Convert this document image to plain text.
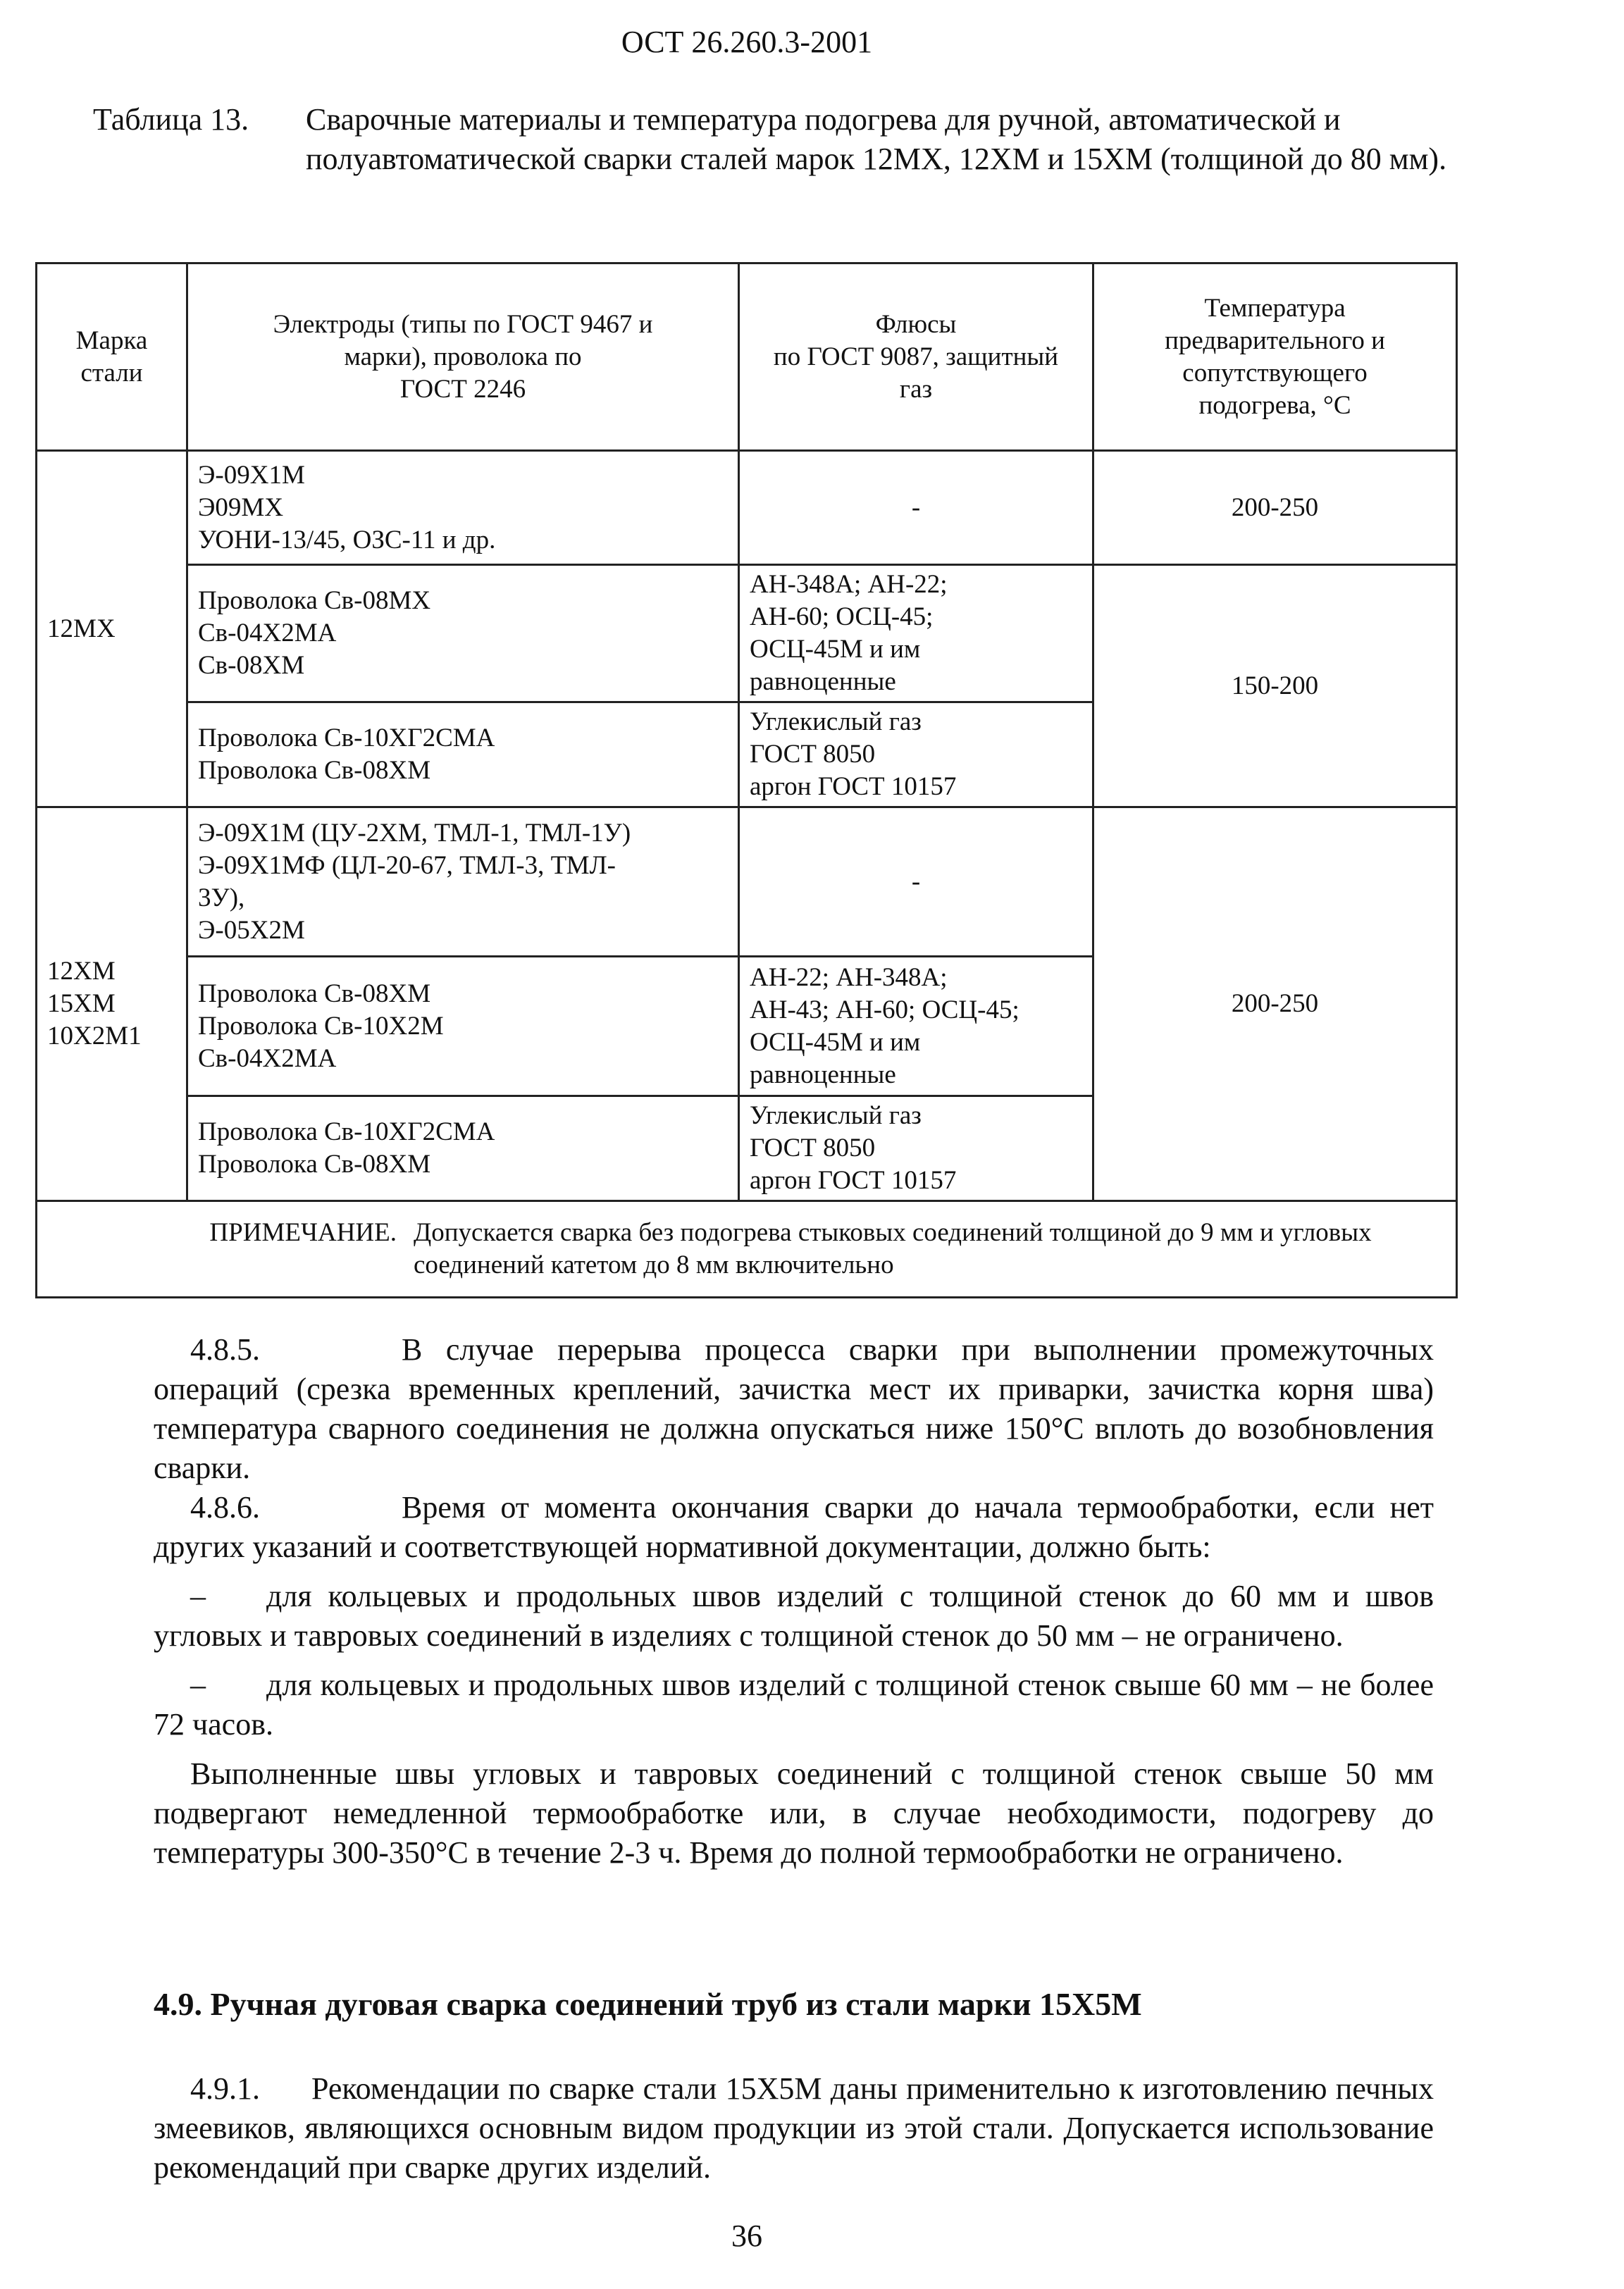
ОСТ 26.260.3-2001
Таблица 13. Сварочные материалы и температура подогрева для ручной, автоматической и полуавтоматической сварки сталей марок 12МХ, 12ХМ и 15ХМ (толщиной до 80 мм).
Марка
стали	Электроды (типы по ГОСТ 9467 и
марки), проволока по
ГОСТ 2246	Флюсы
по ГОСТ 9087, защитный
газ	Температура
предварительного и
сопутствующего
подогрева, °С

12МХ	Э-09Х1М
Э09МХ
УОНИ-13/45, ОЗС-11 и др.	-	200-250

	Проволока Св-08МХ
Св-04Х2МА
Св-08ХМ	АН-348А; АН-22;
АН-60; ОСЦ-45;
ОСЦ-45М и им
равноценные	150-200

	Проволока Св-10ХГ2СМА
Проволока Св-08ХМ	Углекислый газ
ГОСТ 8050
аргон ГОСТ 10157	

12ХМ
15ХМ
10Х2М1	Э-09Х1М (ЦУ-2ХМ, ТМЛ-1, ТМЛ-1У)
Э-09Х1МФ (ЦЛ-20-67, ТМЛ-3, ТМЛ-
3У),
Э-05Х2М	-	200-250

	Проволока Св-08ХМ
Проволока Св-10Х2М
Св-04Х2МА	АН-22; АН-348А;
АН-43; АН-60; ОСЦ-45;
ОСЦ-45М и им
равноценные	

	Проволока Св-10ХГ2СМА
Проволока Св-08ХМ	Углекислый газ
ГОСТ 8050
аргон ГОСТ 10157	

ПРИМЕЧАНИЕ. Допускается сварка без подогрева стыковых соединений толщиной до 9 мм и угловых соединений катетом до 8 мм включительно			

4.8.5.	В случае перерыва процесса сварки при выполнении промежуточных операций (срезка временных креплений, зачистка мест их приварки, зачистка корня шва) температура сварного соединения не должна опускаться ниже 150°С вплоть до возобновления сварки.

4.8.6.	Время от момента окончания сварки до начала термообработки, если нет других указаний и соответствующей нормативной документации, должно быть:

– для кольцевых и продольных швов изделий с толщиной стенок до 60 мм и швов угловых и тавровых соединений в изделиях с толщиной стенок до 50 мм – не ограничено.

– для кольцевых и продольных швов изделий с толщиной стенок свыше 60 мм – не более 72 часов.

Выполненные швы угловых и тавровых соединений с толщиной стенок свыше 50 мм подвергают немедленной термообработке или, в случае необходимости, подогреву до температуры 300-350°С в течение 2-3 ч. Время до полной термообработки не ограничено.

4.9. Ручная дуговая сварка соединений труб из стали марки 15Х5М

4.9.1. Рекомендации по сварке стали 15Х5М даны применительно к изготовлению печных змеевиков, являющихся основным видом продукции из этой стали. Допускается использование рекомендаций при сварке других изделий.

36
